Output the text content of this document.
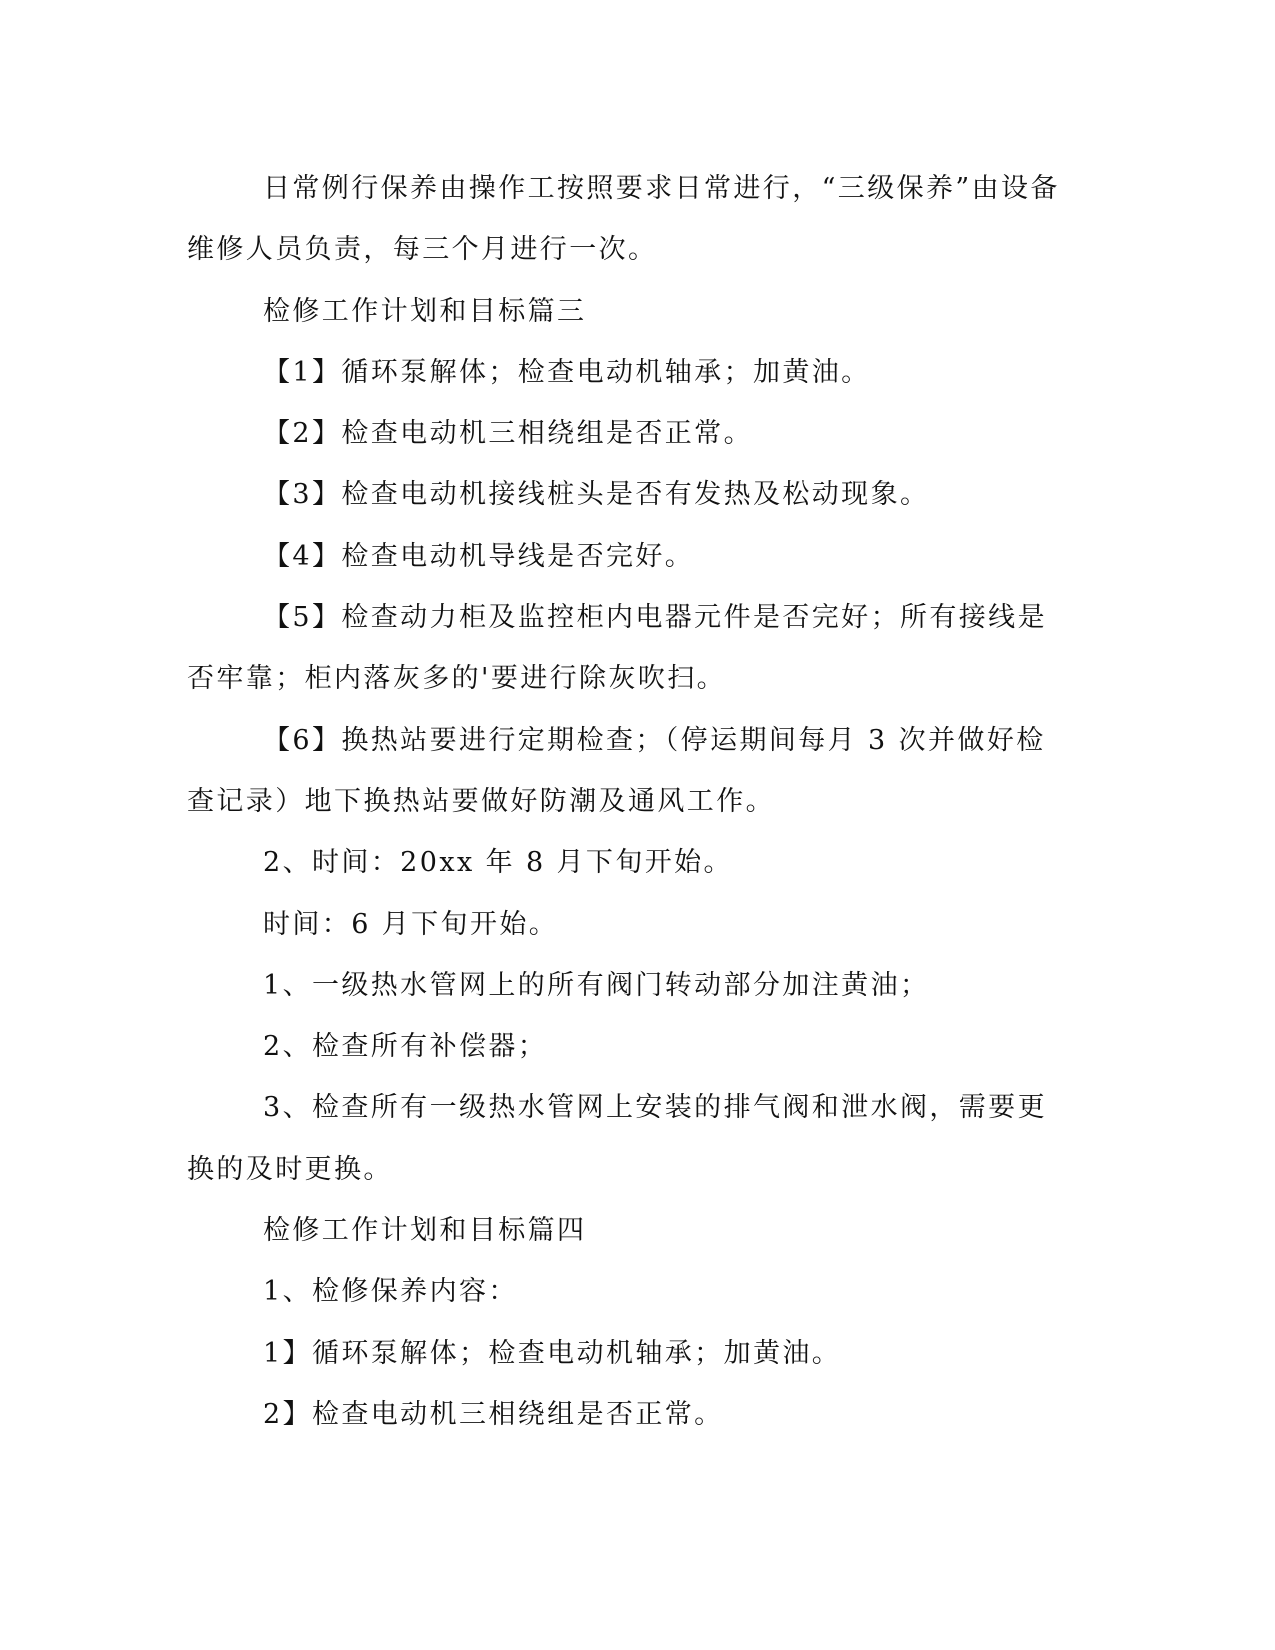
日常例行保养由操作工按照要求日常进行，“三级保养”由设备维修人员负责，每三个月进行一次。

检修工作计划和目标篇三

【1】循环泵解体；检查电动机轴承；加黄油。

【2】检查电动机三相绕组是否正常。

【3】检查电动机接线桩头是否有发热及松动现象。

【4】检查电动机导线是否完好。

【5】检查动力柜及监控柜内电器元件是否完好；所有接线是否牢靠；柜内落灰多的'要进行除灰吹扫。

【6】换热站要进行定期检查；（停运期间每月 3 次并做好检查记录）地下换热站要做好防潮及通风工作。

2、时间：20xx 年 8 月下旬开始。

时间：6 月下旬开始。

1、一级热水管网上的所有阀门转动部分加注黄油；

2、检查所有补偿器；

3、检查所有一级热水管网上安装的排气阀和泄水阀，需要更换的及时更换。

检修工作计划和目标篇四

1、检修保养内容：

1】循环泵解体；检查电动机轴承；加黄油。

2】检查电动机三相绕组是否正常。
